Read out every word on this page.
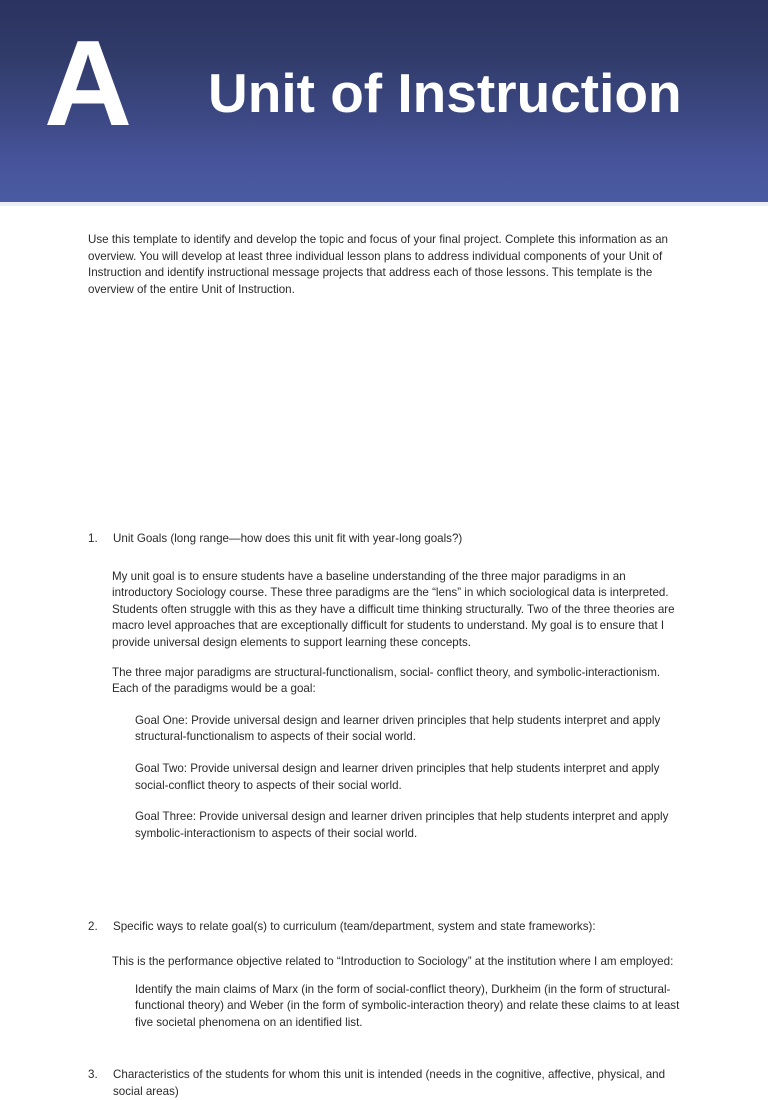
A Unit of Instruction

Use this template to identify and develop the topic and focus of your final project. Complete this information as an overview. You will develop at least three individual lesson plans to address individual components of your Unit of Instruction and identify instructional message projects that address each of those lessons. This template is the overview of the entire Unit of Instruction.

1.	Unit Goals (long range—how does this unit fit with year-long goals?)

My unit goal is to ensure students have a baseline understanding of the three major paradigms in an introductory Sociology course. These three paradigms are the “lens” in which sociological data is interpreted. Students often struggle with this as they have a difficult time thinking structurally. Two of the three theories are macro level approaches that are exceptionally difficult for students to understand. My goal is to ensure that I provide universal design elements to support learning these concepts.

The three major paradigms are structural-functionalism, social- conflict theory, and symbolic-interactionism. Each of the paradigms would be a goal:

Goal One: Provide universal design and learner driven principles that help students interpret and apply structural-functionalism to aspects of their social world.

Goal Two: Provide universal design and learner driven principles that help students interpret and apply social-conflict theory to aspects of their social world.

Goal Three: Provide universal design and learner driven principles that help students interpret and apply symbolic-interactionism to aspects of their social world.

2.	Specific ways to relate goal(s) to curriculum (team/department, system and state frameworks):

This is the performance objective related to “Introduction to Sociology” at the institution where I am employed:

Identify the main claims of Marx (in the form of social-conflict theory), Durkheim (in the form of structural-functional theory) and Weber (in the form of symbolic-interaction theory) and relate these claims to at least five societal phenomena on an identified list.

3.	Characteristics of the students for whom this unit is intended (needs in the cognitive, affective, physical, and social areas)
